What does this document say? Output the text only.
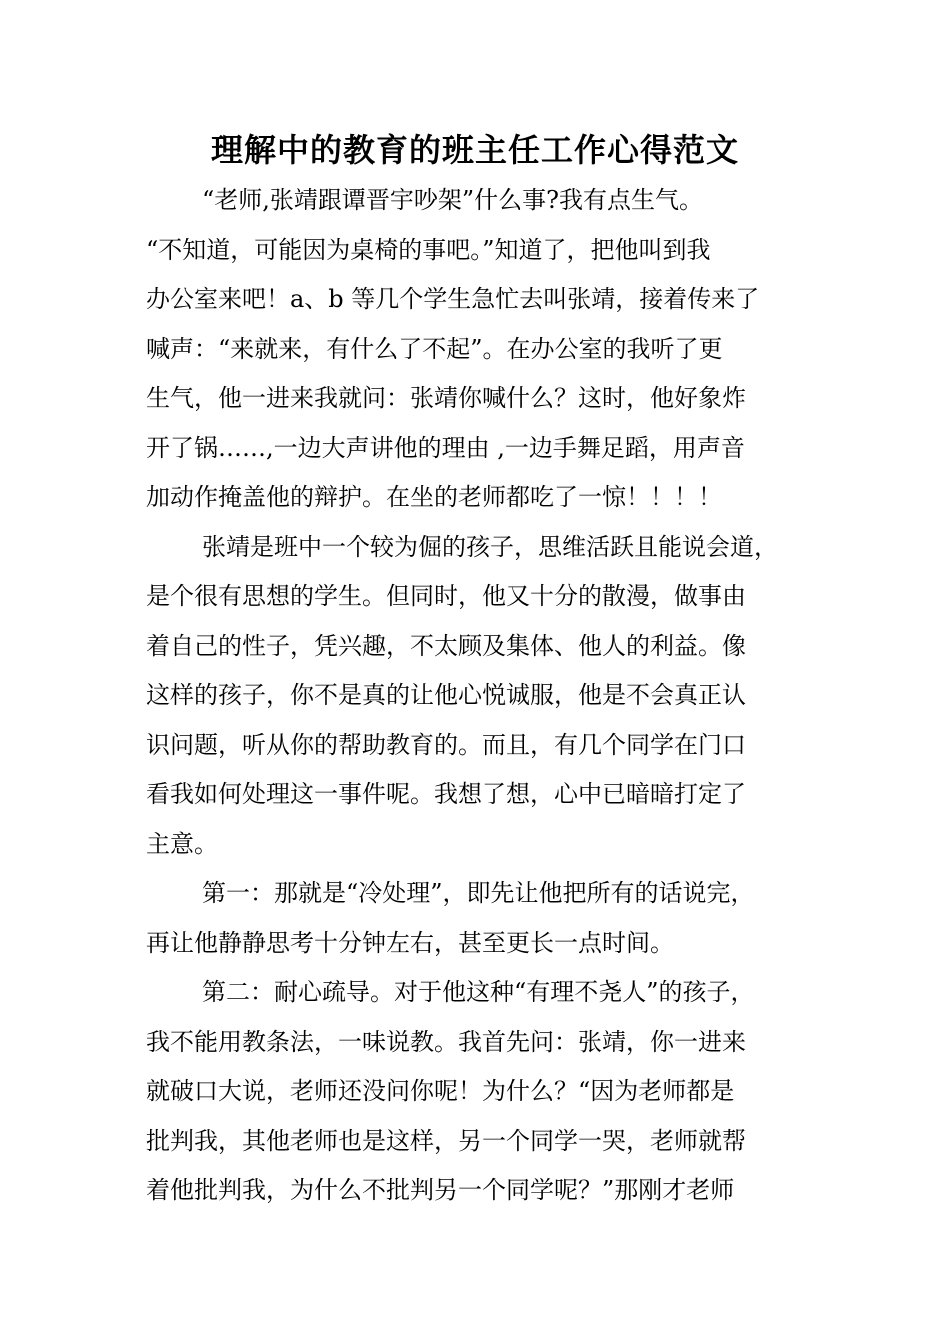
理解中的教育的班主任工作心得范文
“老师,张靖跟谭晋宇吵架”什么事?我有点生气。
“不知道，可能因为桌椅的事吧。”知道了，把他叫到我
办公室来吧！a、b 等几个学生急忙去叫张靖，接着传来了
喊声：“来就来，有什么了不起”。在办公室的我听了更
生气，他一进来我就问：张靖你喊什么？这时，他好象炸
开了锅……,一边大声讲他的理由 ,一边手舞足蹈，用声音
加动作掩盖他的辩护。在坐的老师都吃了一惊！！！！
张靖是班中一个较为倔的孩子，思维活跃且能说会道，
是个很有思想的学生。但同时，他又十分的散漫，做事由
着自己的性子，凭兴趣，不太顾及集体、他人的利益。像
这样的孩子，你不是真的让他心悦诚服，他是不会真正认
识问题，听从你的帮助教育的。而且，有几个同学在门口
看我如何处理这一事件呢。我想了想，心中已暗暗打定了
主意。
第一：那就是“冷处理”，即先让他把所有的话说完，
再让他静静思考十分钟左右，甚至更长一点时间。
第二：耐心疏导。对于他这种“有理不尧人”的孩子，
我不能用教条法，一味说教。我首先问：张靖，你一进来
就破口大说，老师还没问你呢！为什么？“因为老师都是
批判我，其他老师也是这样，另一个同学一哭，老师就帮
着他批判我，为什么不批判另一个同学呢？”那刚才老师
